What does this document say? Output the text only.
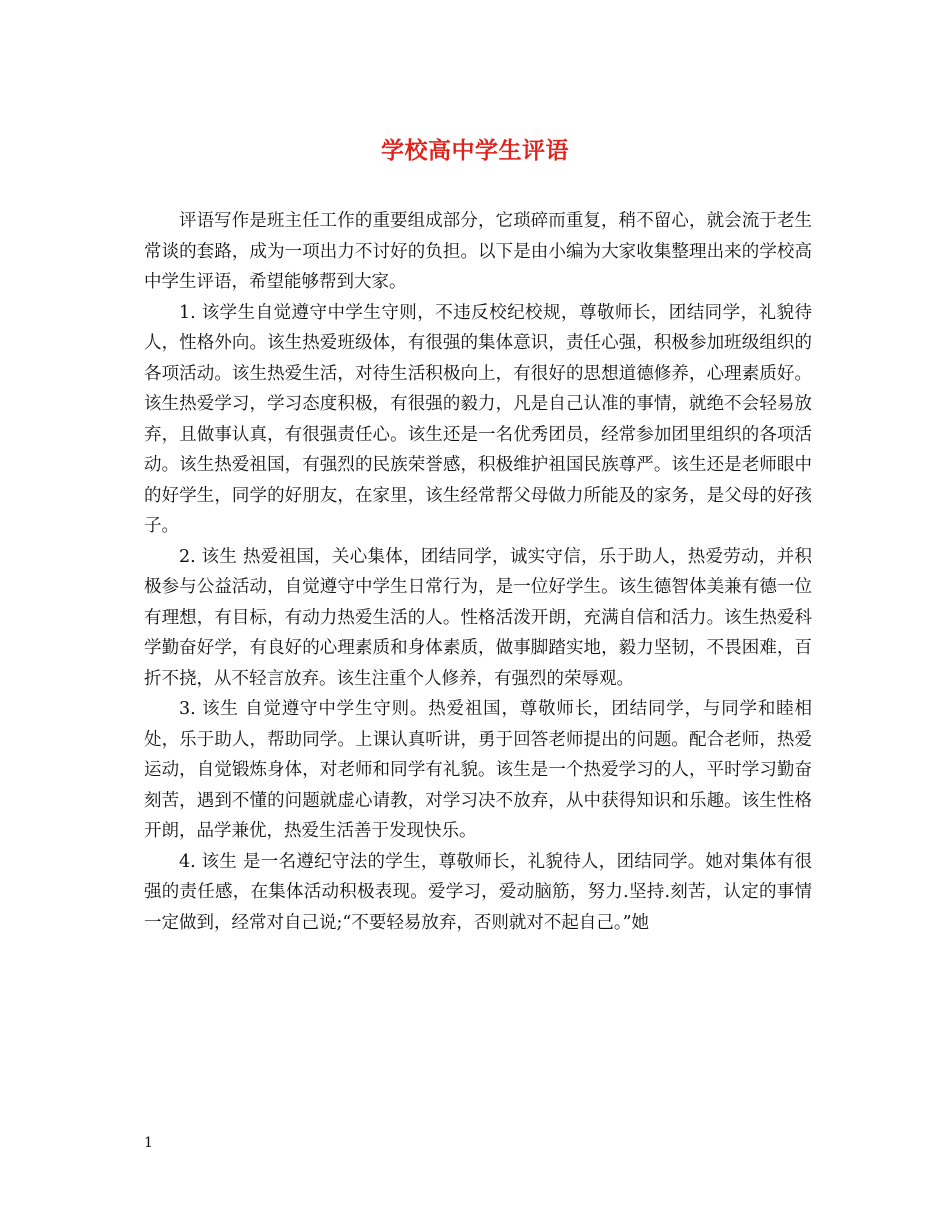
学校高中学生评语

评语写作是班主任工作的重要组成部分，它琐碎而重复，稍不留心，就会流于老生常谈的套路，成为一项出力不讨好的负担。以下是由小编为大家收集整理出来的学校高中学生评语，希望能够帮到大家。

1. 该学生自觉遵守中学生守则，不违反校纪校规，尊敬师长，团结同学，礼貌待人，性格外向。该生热爱班级体，有很强的集体意识，责任心强，积极参加班级组织的各项活动。该生热爱生活，对待生活积极向上，有很好的思想道德修养，心理素质好。该生热爱学习，学习态度积极，有很强的毅力，凡是自己认准的事情，就绝不会轻易放弃，且做事认真，有很强责任心。该生还是一名优秀团员，经常参加团里组织的各项活动。该生热爱祖国，有强烈的民族荣誉感，积极维护祖国民族尊严。该生还是老师眼中的好学生，同学的好朋友，在家里，该生经常帮父母做力所能及的家务，是父母的好孩子。

2. 该生 热爱祖国，关心集体，团结同学，诚实守信，乐于助人，热爱劳动，并积极参与公益活动，自觉遵守中学生日常行为，是一位好学生。该生德智体美兼有德一位有理想，有目标，有动力热爱生活的人。性格活泼开朗，充满自信和活力。该生热爱科学勤奋好学，有良好的心理素质和身体素质，做事脚踏实地，毅力坚韧，不畏困难，百折不挠，从不轻言放弃。该生注重个人修养，有强烈的荣辱观。

3. 该生 自觉遵守中学生守则。热爱祖国，尊敬师长，团结同学，与同学和睦相处，乐于助人，帮助同学。上课认真听讲，勇于回答老师提出的问题。配合老师，热爱运动，自觉锻炼身体，对老师和同学有礼貌。该生是一个热爱学习的人，平时学习勤奋刻苦，遇到不懂的问题就虚心请教，对学习决不放弃，从中获得知识和乐趣。该生性格开朗，品学兼优，热爱生活善于发现快乐。

4. 该生 是一名遵纪守法的学生，尊敬师长，礼貌待人，团结同学。她对集体有很强的责任感，在集体活动积极表现。爱学习，爱动脑筋，努力.坚持.刻苦，认定的事情一定做到，经常对自己说;“不要轻易放弃，否则就对不起自己。”她

1
